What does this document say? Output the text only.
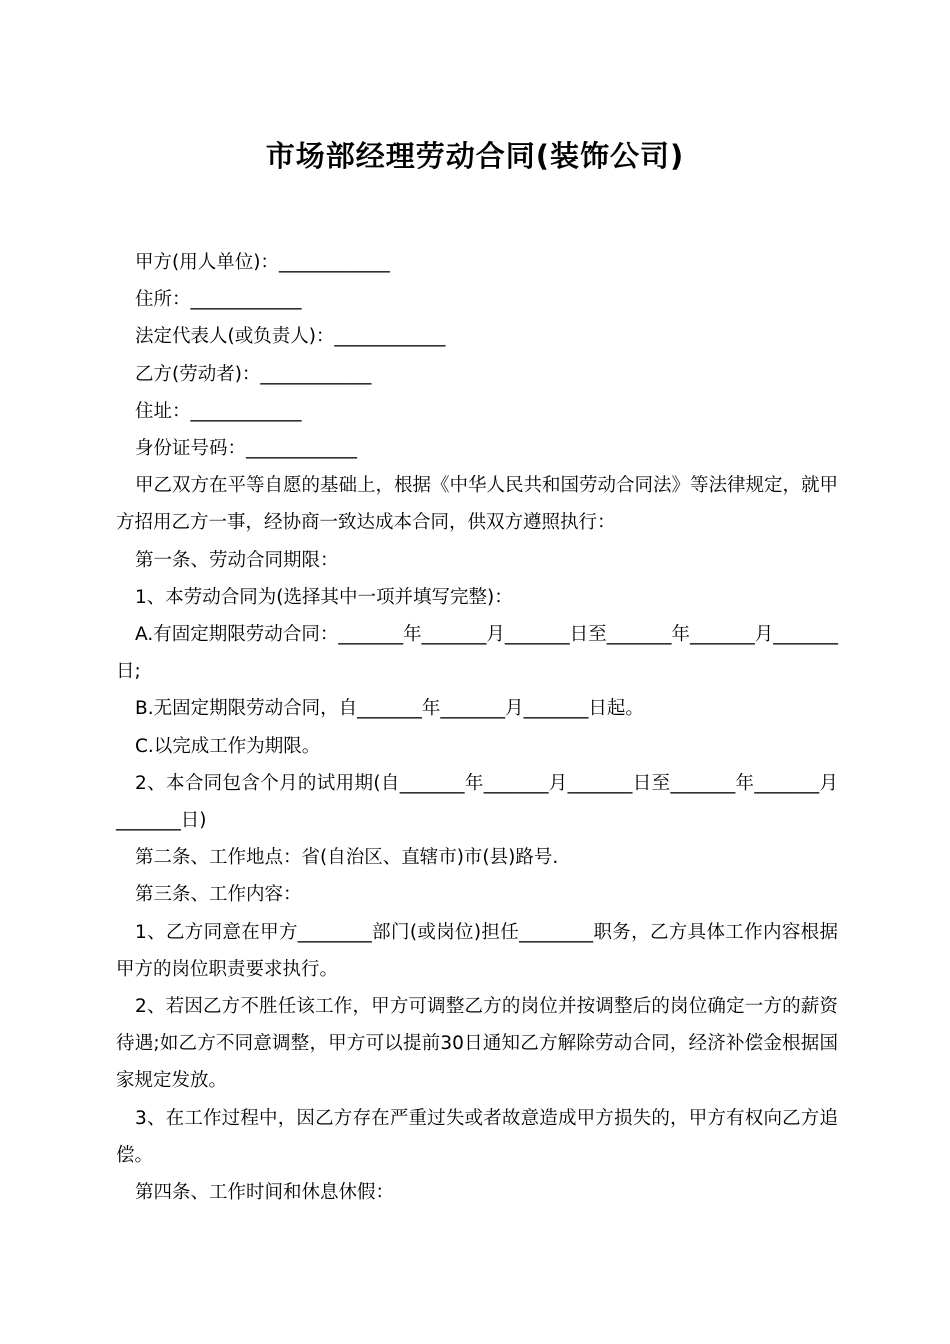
市场部经理劳动合同(装饰公司)

甲方(用人单位)：____________

住所：____________

法定代表人(或负责人)：____________

乙方(劳动者)：____________

住址：____________

身份证号码：____________

甲乙双方在平等自愿的基础上，根据《中华人民共和国劳动合同法》等法律规定，就甲方招用乙方一事，经协商一致达成本合同，供双方遵照执行：

第一条、劳动合同期限：

1、本劳动合同为(选择其中一项并填写完整)：

A.有固定期限劳动合同：_______年_______月_______日至_______年_______月_______日;

B.无固定期限劳动合同，自_______年_______月_______日起。

C.以完成工作为期限。

2、本合同包含个月的试用期(自_______年_______月_______日至_______年_______月_______日)

第二条、工作地点：省(自治区、直辖市)市(县)路号.

第三条、工作内容：

1、乙方同意在甲方________部门(或岗位)担任________职务，乙方具体工作内容根据甲方的岗位职责要求执行。

2、若因乙方不胜任该工作，甲方可调整乙方的岗位并按调整后的岗位确定一方的薪资待遇;如乙方不同意调整，甲方可以提前30日通知乙方解除劳动合同，经济补偿金根据国家规定发放。

3、在工作过程中，因乙方存在严重过失或者故意造成甲方损失的，甲方有权向乙方追偿。

第四条、工作时间和休息休假：
